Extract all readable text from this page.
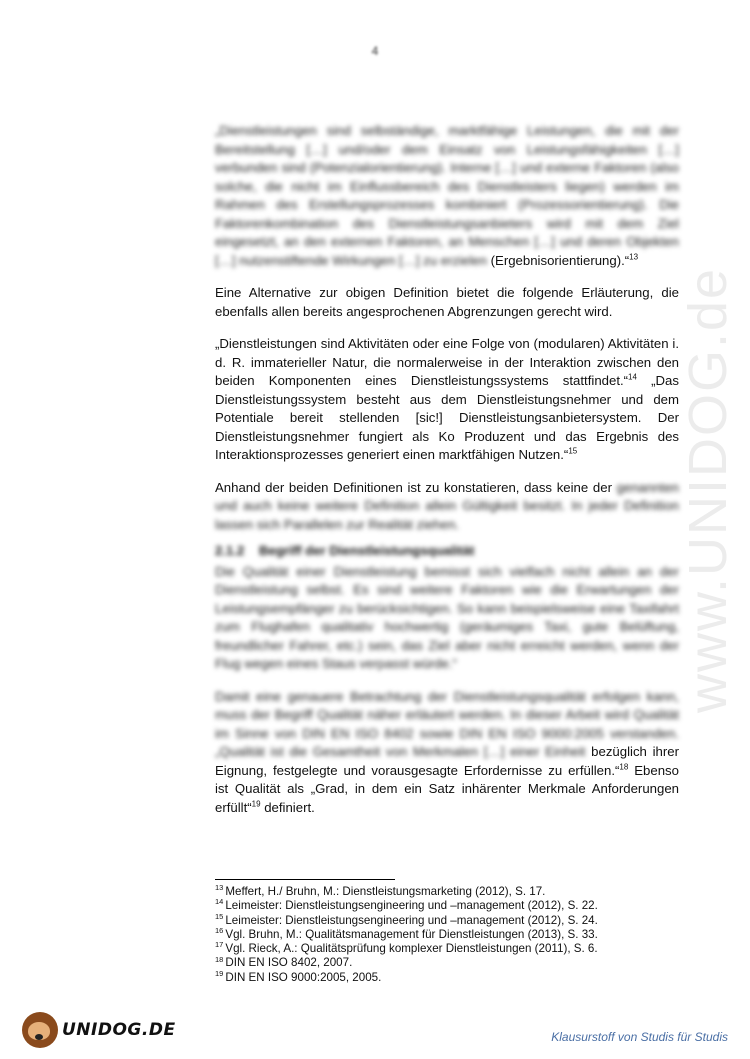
4
www.UNIDOG.de

„Dienstleistungen sind selbständige, marktfähige Leistungen, die mit der Bereitstellung […] und/oder dem Einsatz von Leistungsfähigkeiten […] verbunden sind (Potenzialorientierung). Interne […] und externe Faktoren (also solche, die nicht im Einflussbereich des Dienstleisters liegen) werden im Rahmen des Erstellungsprozesses kombiniert (Prozessorientierung). Die Faktorenkombination des Dienstleistungsanbieters wird mit dem Ziel eingesetzt, an den externen Faktoren, an Menschen […] und deren Objekten […] nutzenstiftende Wirkungen […] zu erzielen (Ergebnisorientierung).“$^{13}$

Eine Alternative zur obigen Definition bietet die folgende Erläuterung, die ebenfalls allen bereits angesprochenen Abgrenzungen gerecht wird.

„Dienstleistungen sind Aktivitäten oder eine Folge von (modularen) Aktivitäten i. d. R. immaterieller Natur, die normalerweise in der Interaktion zwischen den beiden Komponenten eines Dienstleistungssystems stattfindet.“$^{14}$ „Das Dienstleistungssystem besteht aus dem Dienstleistungsnehmer und dem Potentiale bereit stellenden [sic!] Dienstleistungsanbietersystem. Der Dienstleistungsnehmer fungiert als Ko Produzent und das Ergebnis des Interaktionsprozesses generiert einen marktfähigen Nutzen.“$^{15}$

Anhand der beiden Definitionen ist zu konstatieren, dass keine der genannten und auch keine weitere Definition allein Gültigkeit besitzt. In jeder Definition lassen sich Parallelen zur Realität ziehen.

2.1.2 Begriff der Dienstleistungsqualität

Die Qualität einer Dienstleistung bemisst sich vielfach nicht allein an der Dienstleistung selbst. Es sind weitere Faktoren wie die Erwartungen der Leistungsempfänger zu berücksichtigen. So kann beispielsweise eine Taxifahrt zum Flughafen qualitativ hochwertig (geräumiges Taxi, gute Belüftung, freundlicher Fahrer, etc.) sein, das Ziel aber nicht erreicht werden, wenn der Flug wegen eines Staus verpasst würde.“

Damit eine genauere Betrachtung der Dienstleistungsqualität erfolgen kann, muss der Begriff Qualität näher erläutert werden. In dieser Arbeit wird Qualität im Sinne von DIN EN ISO 8402 sowie DIN EN ISO 9000:2005 verstanden. „Qualität ist die Gesamtheit von Merkmalen […] einer Einheit bezüglich ihrer Eignung, festgelegte und vorausgesagte Erfordernisse zu erfüllen.“$^{18}$ Ebenso ist Qualität als „Grad, in dem ein Satz inhärenter Merkmale Anforderungen erfüllt“$^{19}$ definiert.

$^{13}$ Meffert, H./ Bruhn, M.: Dienstleistungsmarketing (2012), S. 17.
$^{14}$ Leimeister: Dienstleistungsengineering und –management (2012), S. 22.
$^{15}$ Leimeister: Dienstleistungsengineering und –management (2012), S. 24.
$^{16}$ Vgl. Bruhn, M.: Qualitätsmanagement für Dienstleistungen (2013), S. 33.
$^{17}$ Vgl. Rieck, A.: Qualitätsprüfung komplexer Dienstleistungen (2011), S. 6.
$^{18}$ DIN EN ISO 8402, 2007.
$^{19}$ DIN EN ISO 9000:2005, 2005.
UNIDOG.DE	Klausurstoff von Studis für Studis
